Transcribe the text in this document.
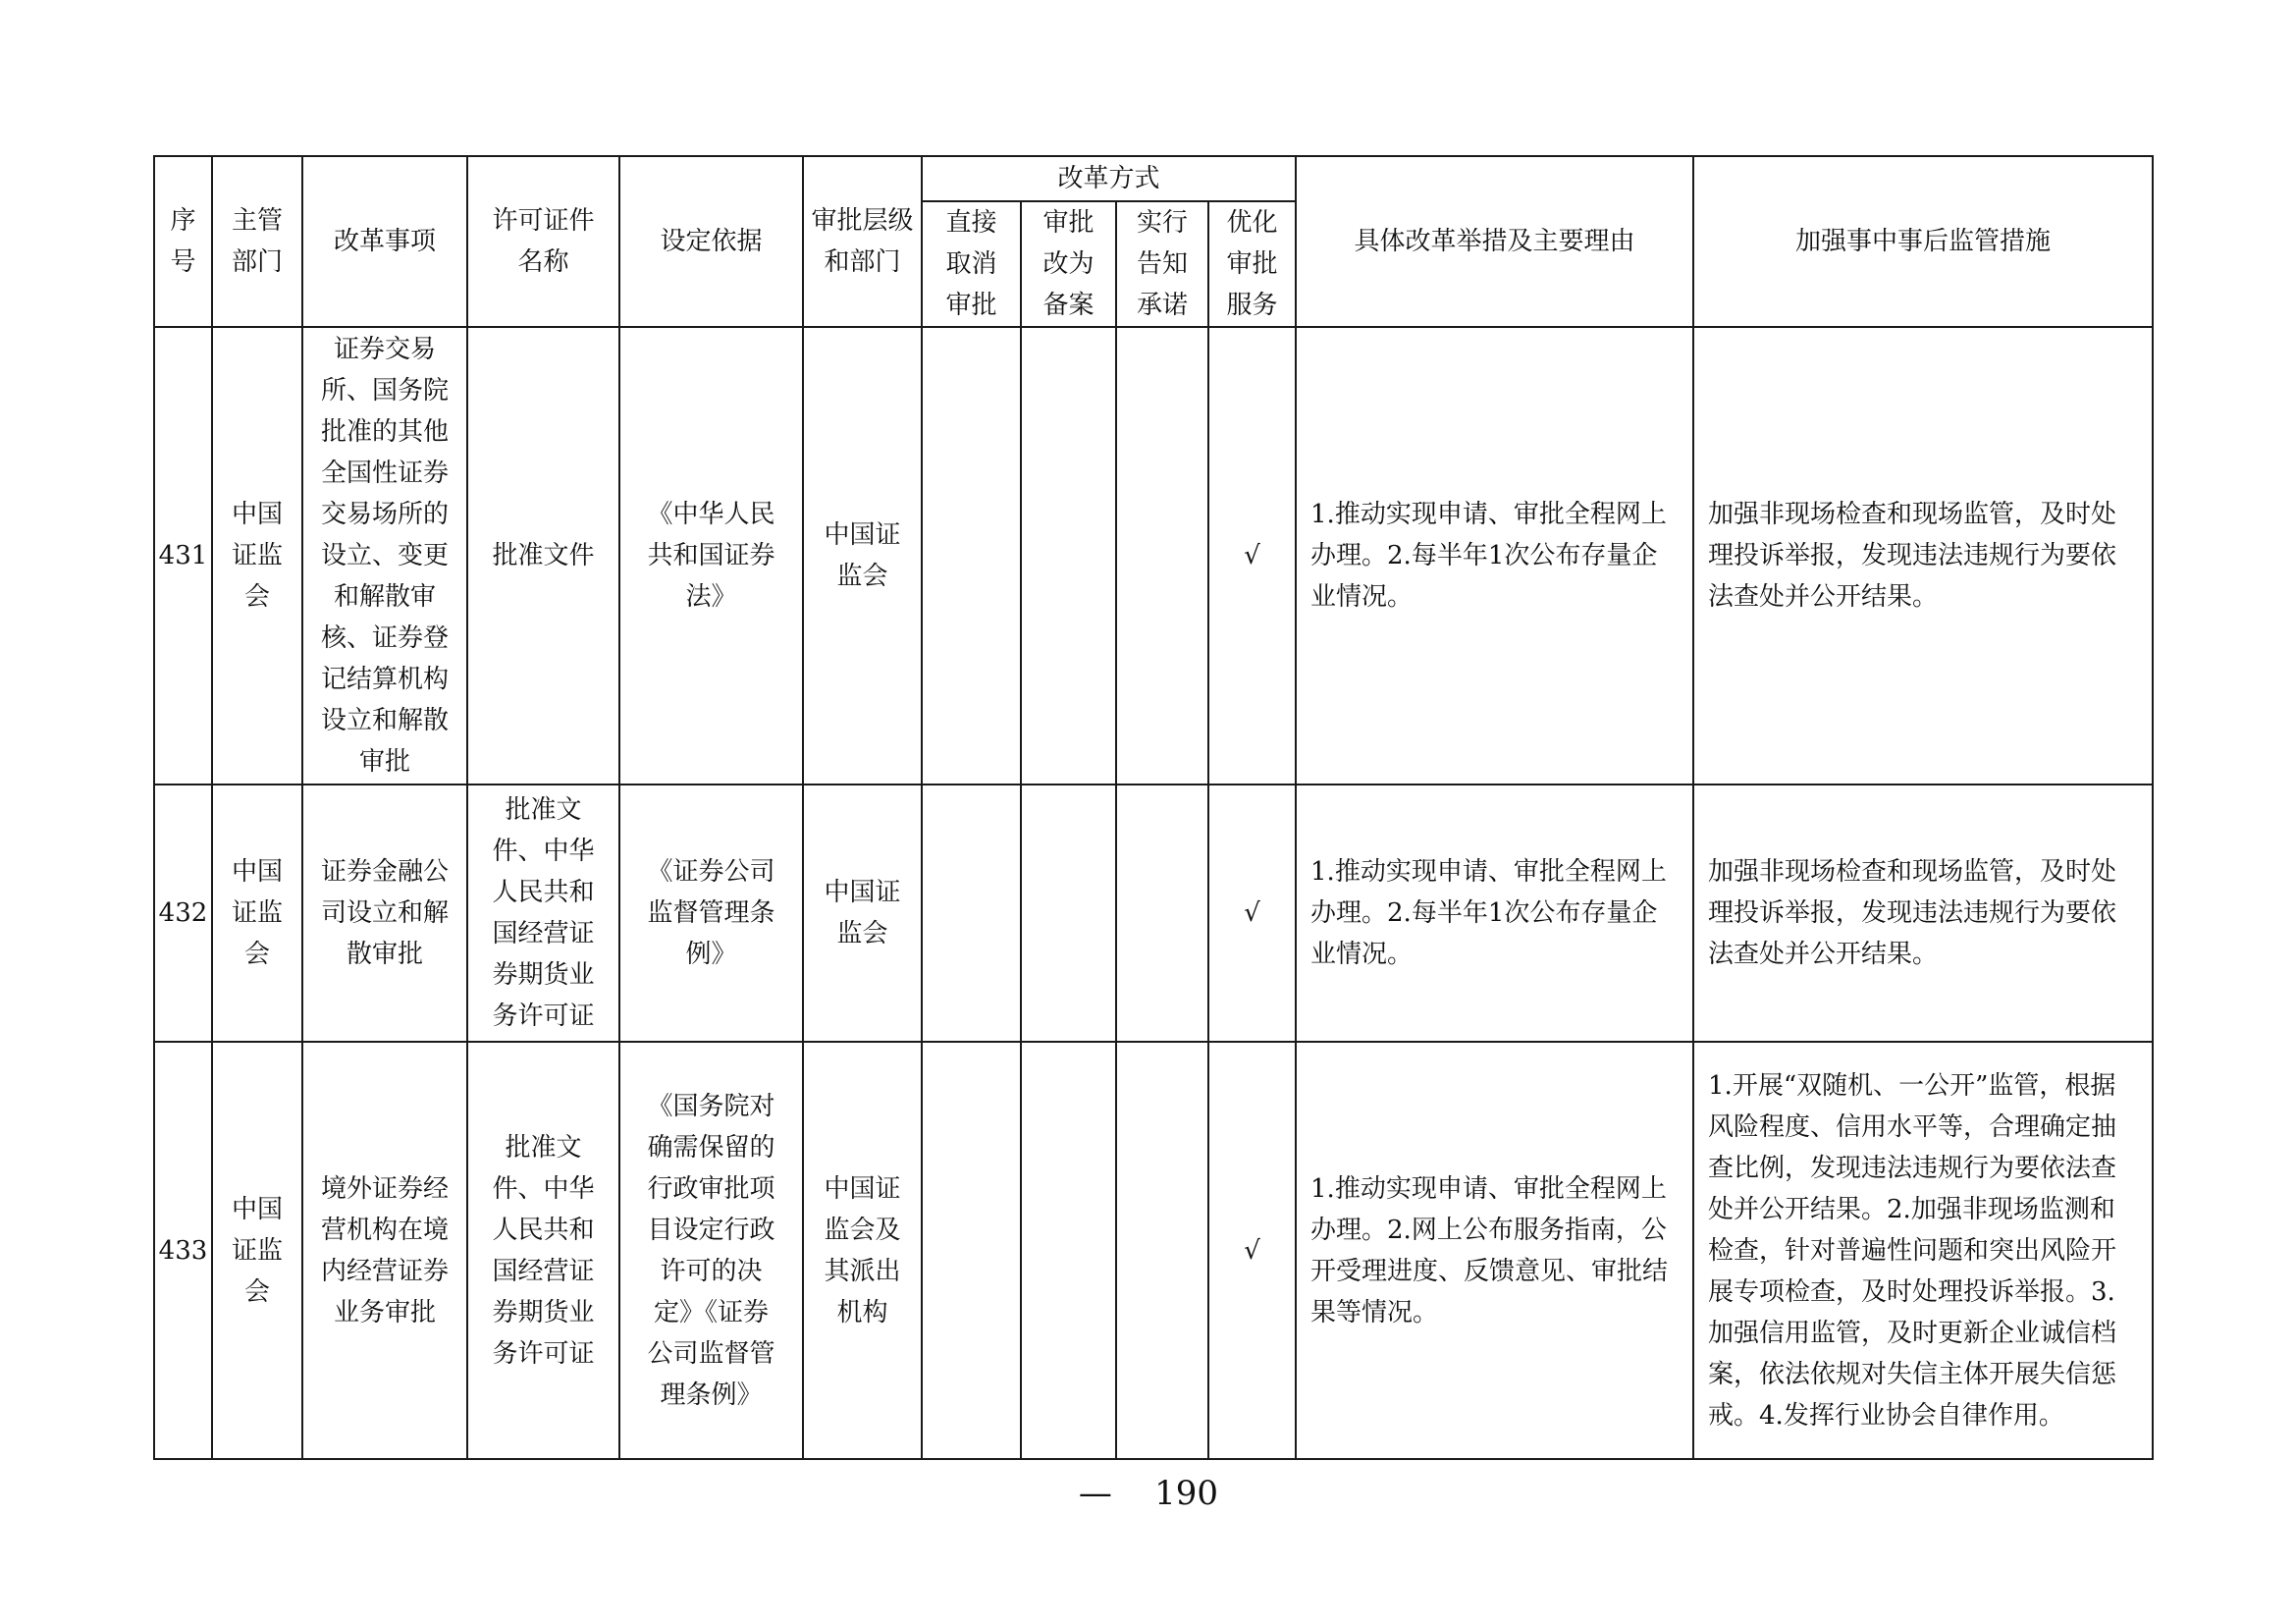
序号	主管部门	改革事项	许可证件名称	设定依据	审批层级和部门	改革方式				具体改革举措及主要理由	加强事中事后监管措施

						直接取消审批	审批改为备案	实行告知承诺	优化审批服务		

431	中国证监会	证券交易所、国务院批准的其他全国性证券交易场所的设立、变更和解散审核、证券登记结算机构设立和解散审批	批准文件	《中华人民共和国证券法》	中国证监会				√	1.推动实现申请、审批全程网上办理。2.每半年1次公布存量企业情况。	加强非现场检查和现场监管，及时处理投诉举报，发现违法违规行为要依法查处并公开结果。
432	中国证监会	证券金融公司设立和解散审批	批准文件、中华人民共和国经营证券期货业务许可证	《证券公司监督管理条例》	中国证监会				√	1.推动实现申请、审批全程网上办理。2.每半年1次公布存量企业情况。	加强非现场检查和现场监管，及时处理投诉举报，发现违法违规行为要依法查处并公开结果。
433	中国证监会	境外证券经营机构在境内经营证券业务审批	批准文件、中华人民共和国经营证券期货业务许可证	《国务院对确需保留的行政审批项目设定行政许可的决定》《证券公司监督管理条例》	中国证监会及其派出机构				√	1.推动实现申请、审批全程网上办理。2.网上公布服务指南，公开受理进度、反馈意见、审批结果等情况。	1.开展“双随机、一公开”监管，根据风险程度、信用水平等，合理确定抽查比例，发现违法违规行为要依法查处并公开结果。2.加强非现场监测和检查，针对普遍性问题和突出风险开展专项检查，及时处理投诉举报。3.加强信用监管，及时更新企业诚信档案，依法依规对失信主体开展失信惩戒。4.发挥行业协会自律作用。
— 190
